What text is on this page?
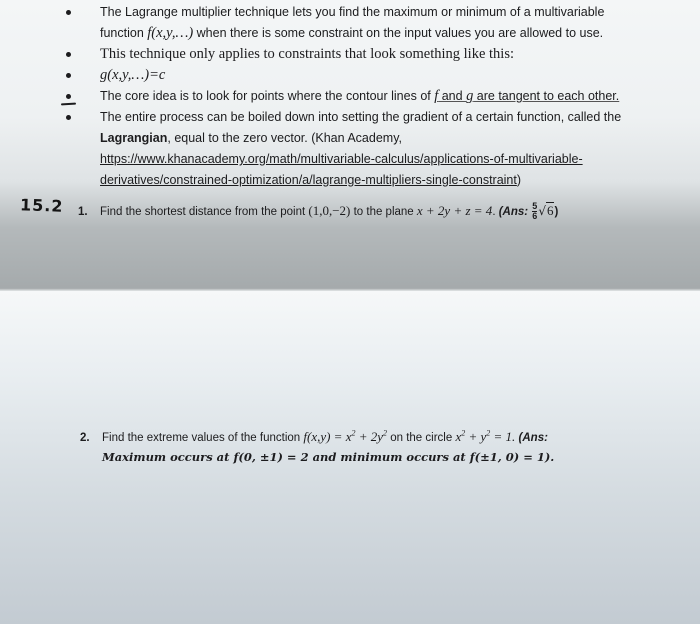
The Lagrange multiplier technique lets you find the maximum or minimum of a multivariable
function f(x,y,…) when there is some constraint on the input values you are allowed to use.
This technique only applies to constraints that look something like this:
g(x,y,…)=c
The core idea is to look for points where the contour lines of f and g are tangent to each other.
The entire process can be boiled down into setting the gradient of a certain function, called the
Lagrangian, equal to the zero vector. (Khan Academy,
https://www.khanacademy.org/math/multivariable-calculus/applications-of-multivariable-
derivatives/constrained-optimization/a/lagrange-multipliers-single-constraint)
15.2 1. Find the shortest distance from the point (1,0,−2) to the plane x + 2y + z = 4. (Ans: $\frac{5}{6} √6$)
2. Find the extreme values of the function $f(x,y) = x^2 + 2y^2$ on the circle $x^2 + y^2 = 1$. (Ans:
Maximum occurs at f(0, ±1) = 2 and minimum occurs at f(±1, 0) = 1).
